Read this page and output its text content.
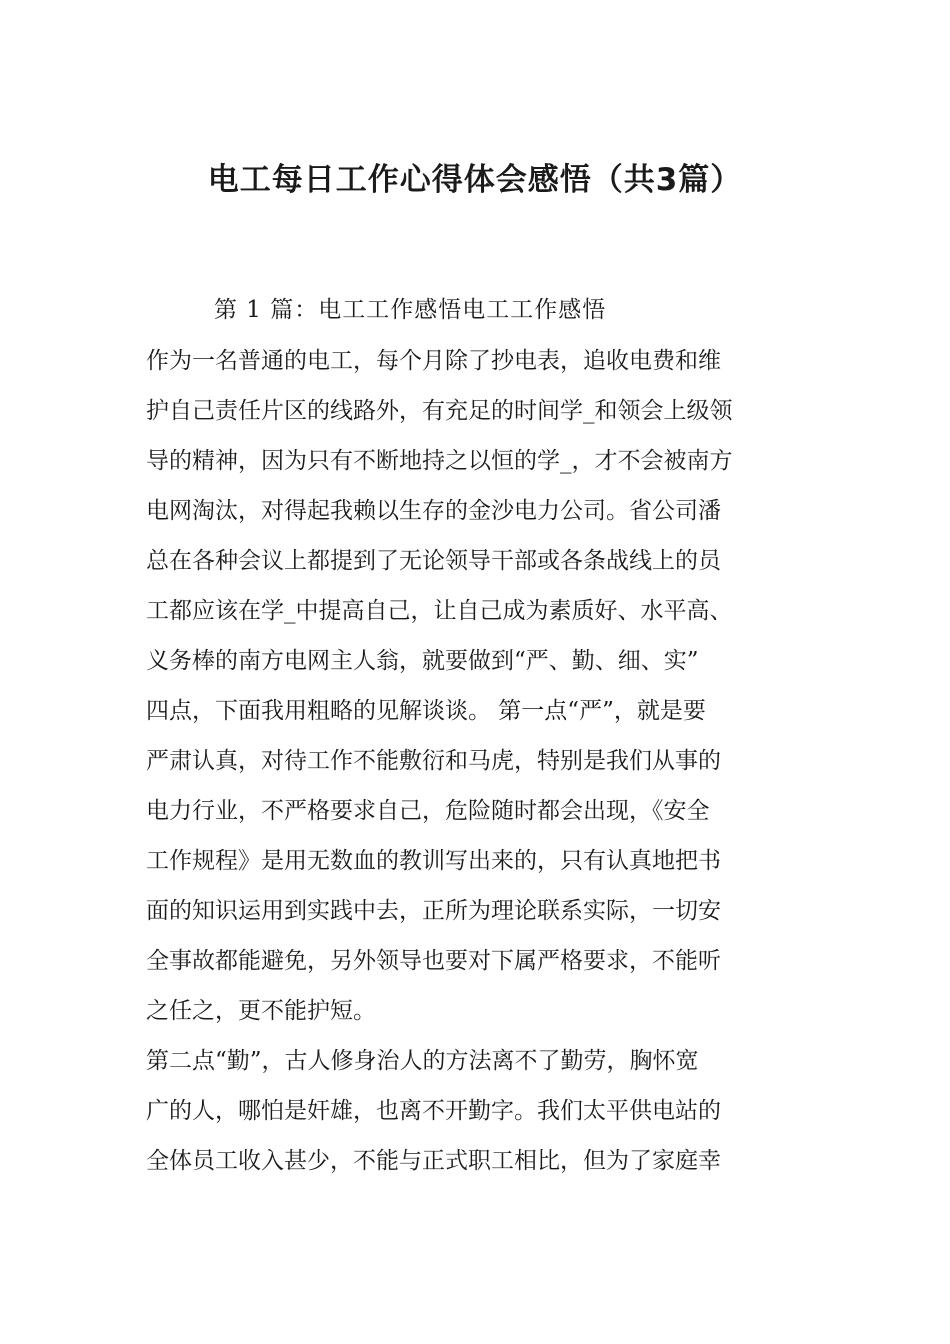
电工每日工作心得体会感悟（共3篇）

第 1 篇：电工工作感悟电工工作感悟

作为一名普通的电工，每个月除了抄电表，追收电费和维
护自己责任片区的线路外，有充足的时间学_和领会上级领
导的精神，因为只有不断地持之以恒的学_，才不会被南方
电网淘汰，对得起我赖以生存的金沙电力公司。省公司潘
总在各种会议上都提到了无论领导干部或各条战线上的员
工都应该在学_中提高自己，让自己成为素质好、水平高、
义务棒的南方电网主人翁，就要做到“严、勤、细、实”
四点，下面我用粗略的见解谈谈。 第一点“严”，就是要
严肃认真，对待工作不能敷衍和马虎，特别是我们从事的
电力行业，不严格要求自己，危险随时都会出现，《安全
工作规程》是用无数血的教训写出来的，只有认真地把书
面的知识运用到实践中去，正所为理论联系实际，一切安
全事故都能避免，另外领导也要对下属严格要求，不能听
之任之，更不能护短。
第二点“勤”，古人修身治人的方法离不了勤劳，胸怀宽
广的人，哪怕是奸雄，也离不开勤字。我们太平供电站的
全体员工收入甚少，不能与正式职工相比，但为了家庭幸
